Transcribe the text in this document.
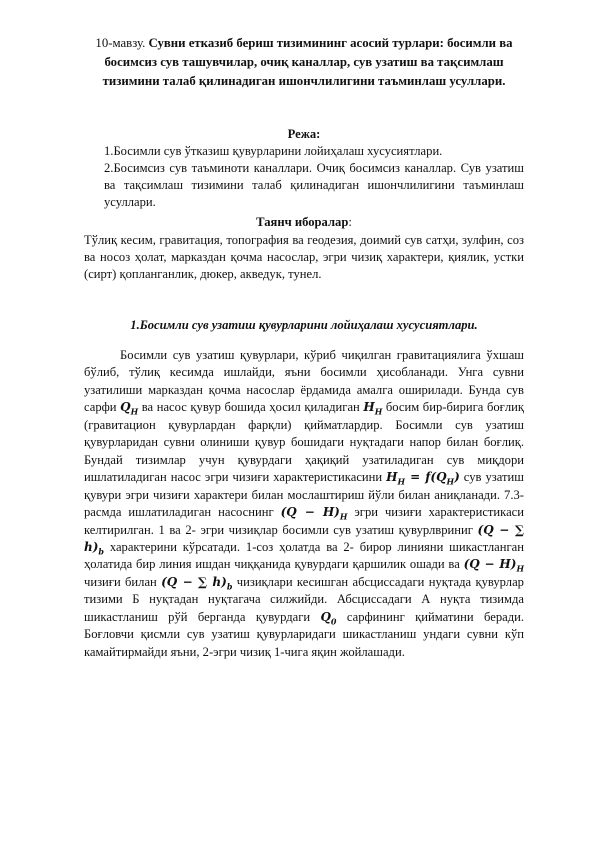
10-мавзу. Сувни етказиб бериш тизимининг асосий турлари: босимли ва босимсиз сув ташувчилар, очиқ каналлар, сув узатиш ва тақсимлаш тизимини талаб қилинадиган ишончлилигини таъминлаш усуллари.
Режа:

1.Босимли сув ўтказиш қувурларини лойиҳалаш хусусиятлари.

2.Босимсиз сув таъминоти каналлари. Очиқ босимсиз каналлар. Сув узатиш ва тақсимлаш тизимини талаб қилинадиган ишончлилигини таъминлаш усуллари.

Таянч иборалар:
Тўлиқ кесим, гравитация, топография ва геодезия, доимий сув сатҳи, зулфин, соз ва носоз ҳолат, марказдан қочма насослар, эгри чизиқ характери, қиялик, устки (сирт) қопланганлик, дюкер, акведук, тунел.
1.Босимли сув узатиш қувурларини лойиҳалаш хусусиятлари.
Босимли сув узатиш қувурлари, кўриб чиқилган гравитациялига ўхшаш бўлиб, тўлиқ кесимда ишлайди, яъни босимли ҳисобланади. Унга сувни узатилиши марказдан қочма насослар ёрдамида амалга оширилади. Бунда сув сарфи $Q_H$ ва насос қувур бошида ҳосил қиладиган $H_H$ босим бир-бирига боғлиқ (гравитацион қувурлардан фарқли) қийматлардир. Босимли сув узатиш қувурларидан сувни олиниши қувур бошидаги нуқтадаги напор билан боғлиқ. Бундай тизимлар учун қувурдаги ҳақиқий узатиладиган сув миқдори ишлатиладиган насос эгри чизиғи характеристикасини $H_H = f(Q_H)$ сув узатиш қувури эгри чизиғи характери билан мослаштириш йўли билан аниқланади. 7.3-расмда ишлатиладиган насоснинг $(Q - H)_H$ эгри чизиғи характеристикаси келтирилган. 1 ва 2- эгри чизиқлар босимли сув узатиш қувурлвриниг (Q − ∑ $h)_b$ характерини кўрсатади. 1-соз ҳолатда ва 2- бирор линияни шикастланган ҳолатида бир линия ишдан чиққанида қувурдаги қаршилик ошади ва $(Q - H)_H$ чизиғи билан (Q − ∑ $h)_b$ чизиқлари кесишган абсциссадаги нуқтада қувурлар тизими Б нуқтадан нуқтагача силжийди. Абсциссадаги А нуқта тизимда шикастланиш рўй берганда қувурдаги $Q_0$ сарфининг қийматини беради. Боғловчи қисмли сув узатиш қувурларидаги шикастланиш ундаги сувни кўп камайтирмайди яъни, 2-эгри чизиқ 1-чига яқин жойлашади.
